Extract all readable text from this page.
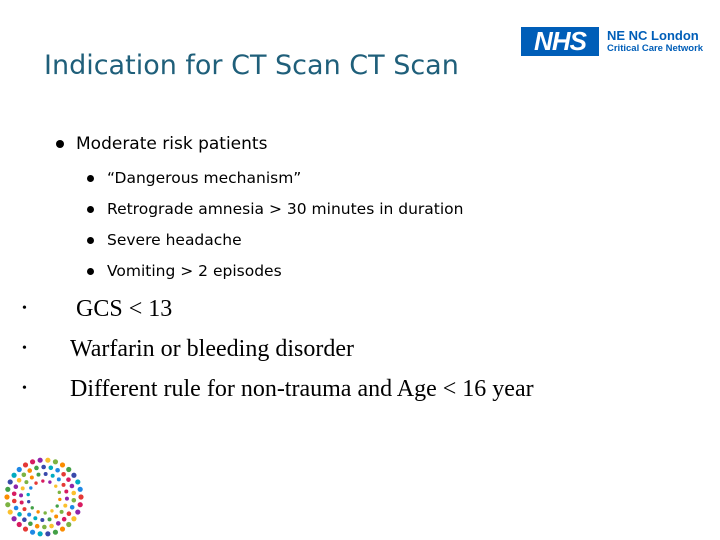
Indication for CT Scan CT Scan
NHS	NE NC London
Critical Care Network
Moderate risk patients
“Dangerous mechanism”
Retrograde amnesia > 30 minutes in duration
Severe headache
Vomiting > 2 episodes
•	GCS < 13
•	Warfarin or bleeding disorder
•	Different rule for non-trauma and Age < 16 year
